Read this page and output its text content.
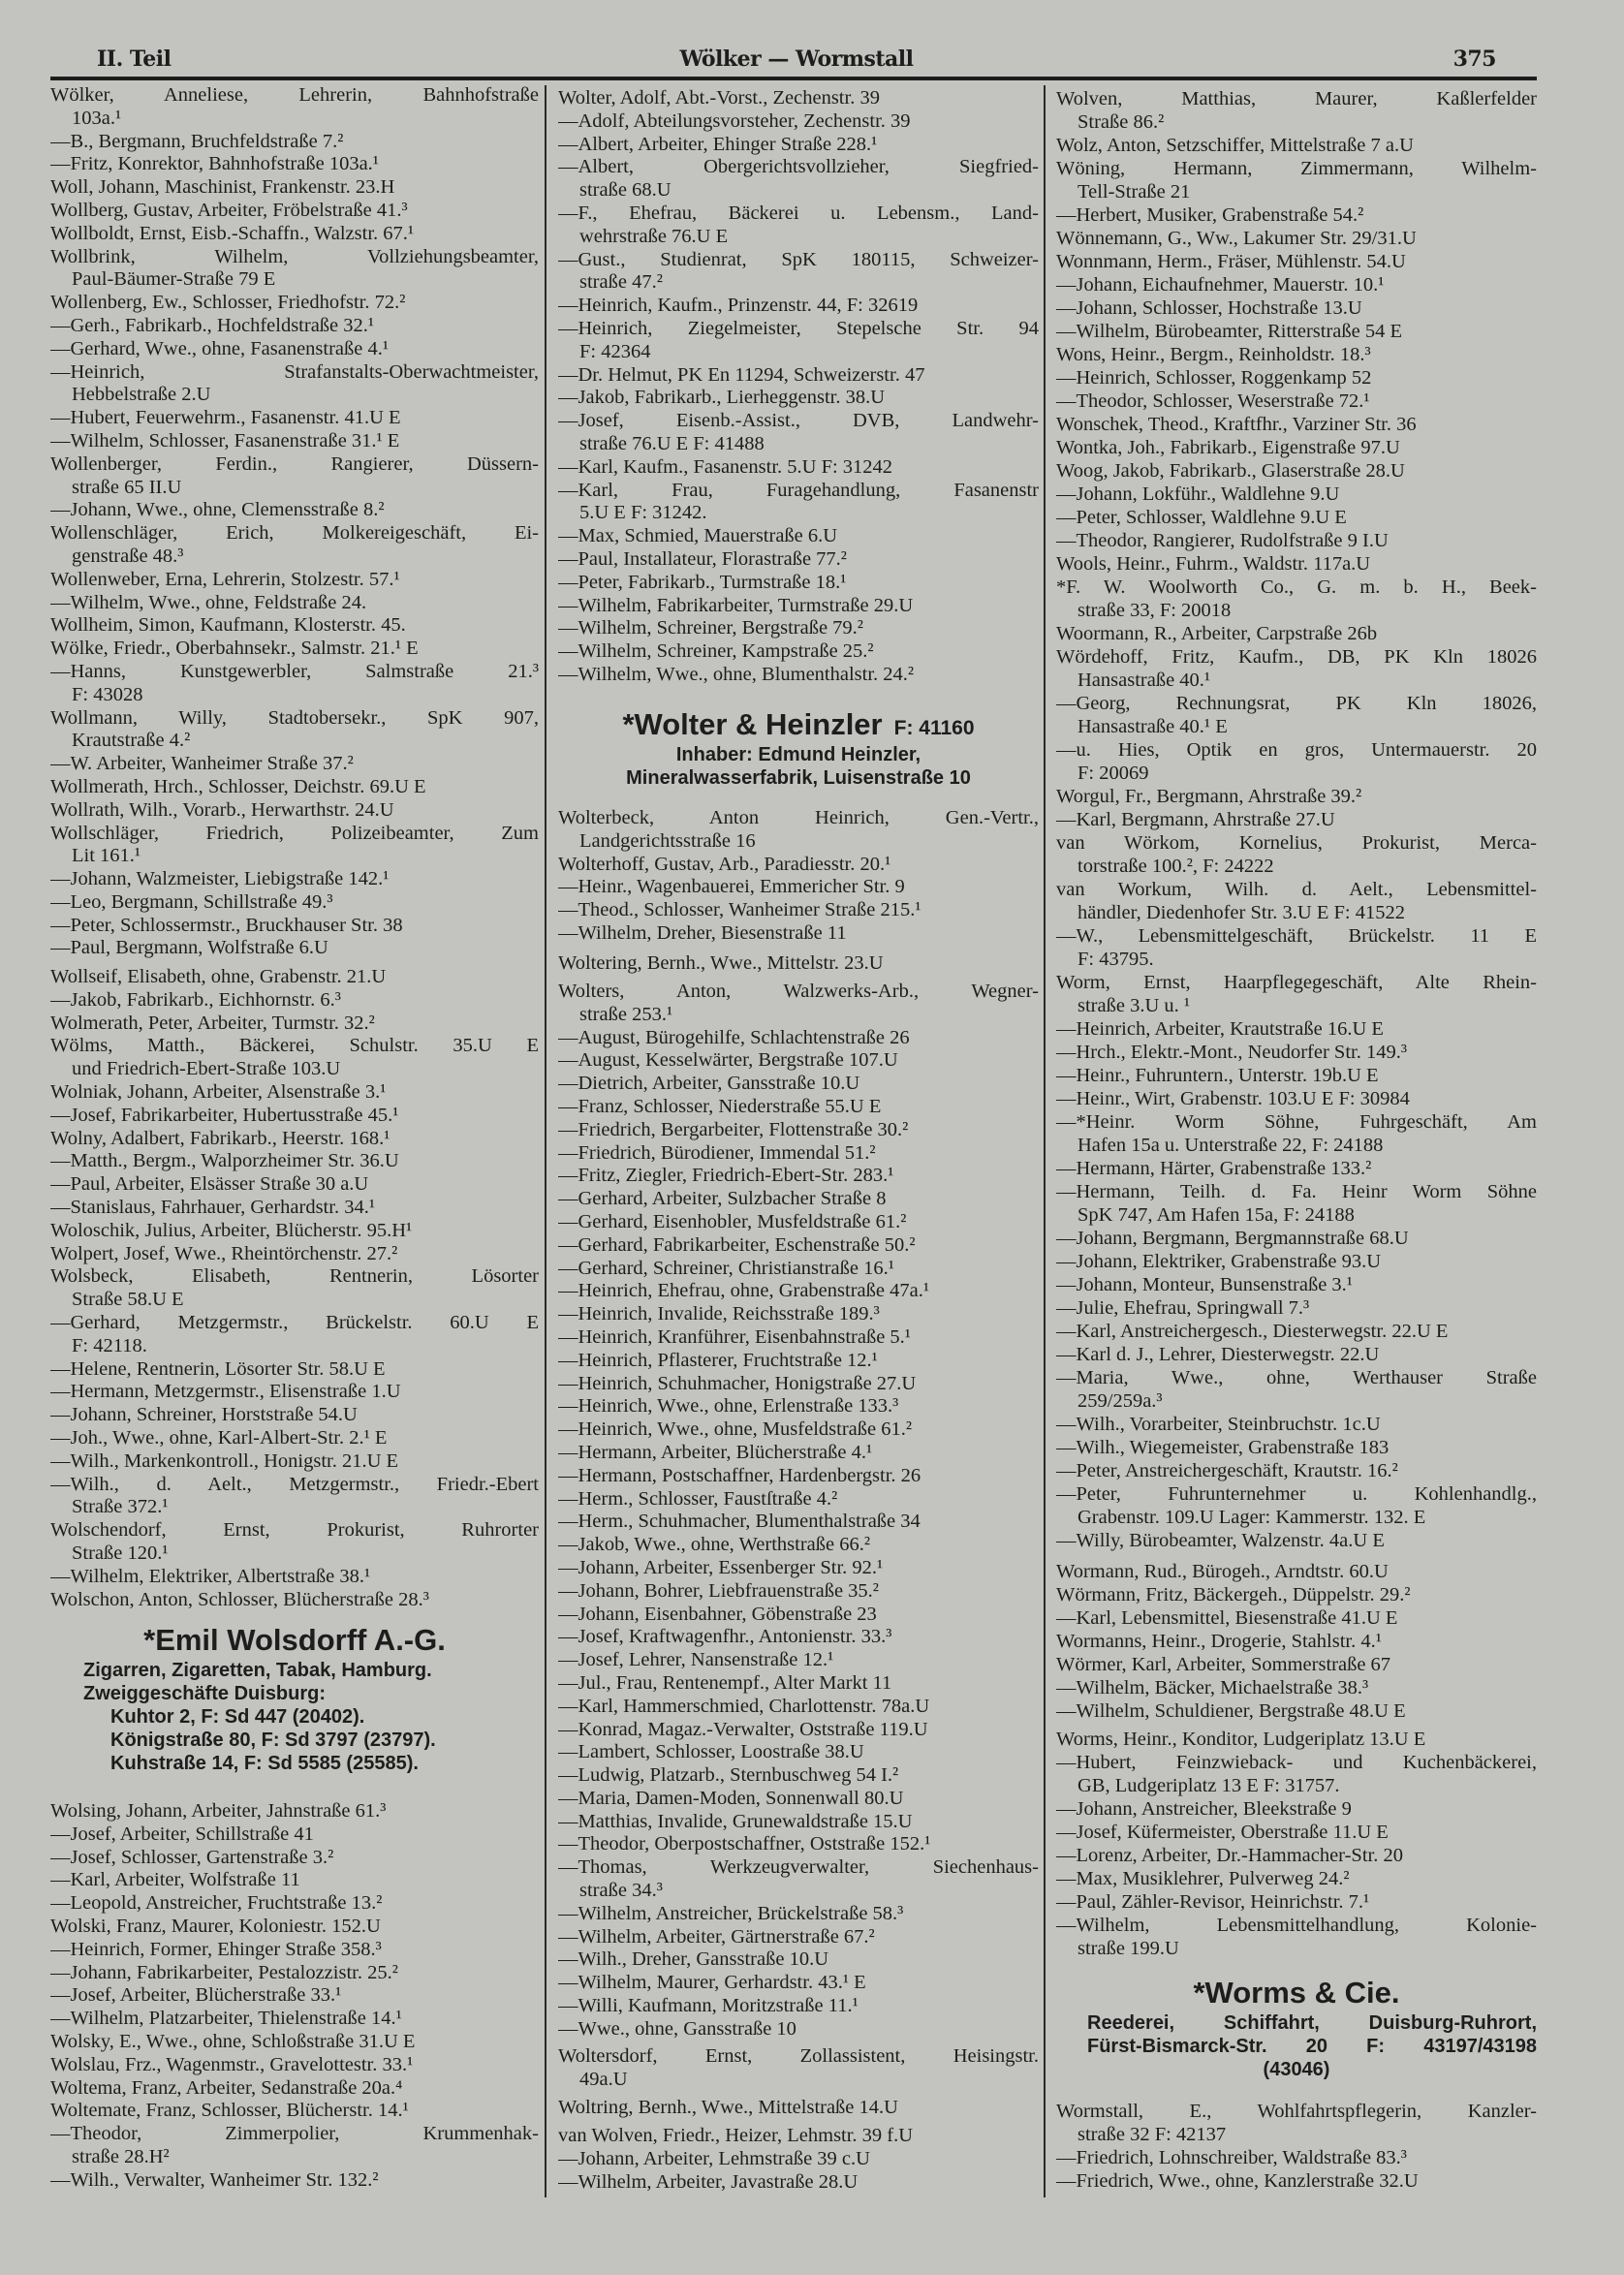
II. Teil	Wölker — Wormstall	375
Wölker, Anneliese, Lehrerin, Bahnhofstraße
103a.¹
—B., Bergmann, Bruchfeldstraße 7.²
—Fritz, Konrektor, Bahnhofstraße 103a.¹
Woll, Johann, Maschinist, Frankenstr. 23.H
Wollberg, Gustav, Arbeiter, Fröbelstraße 41.³
Wollboldt, Ernst, Eisb.-Schaffn., Walzstr. 67.¹
Wollbrink, Wilhelm, Vollziehungsbeamter,
Paul-Bäumer-Straße 79 E
Wollenberg, Ew., Schlosser, Friedhofstr. 72.²
—Gerh., Fabrikarb., Hochfeldstraße 32.¹
—Gerhard, Wwe., ohne, Fasanenstraße 4.¹
—Heinrich, Strafanstalts-Oberwachtmeister,
Hebbelstraße 2.U
—Hubert, Feuerwehrm., Fasanenstr. 41.U E
—Wilhelm, Schlosser, Fasanenstraße 31.¹ E
Wollenberger, Ferdin., Rangierer, Düssern-
straße 65 II.U
—Johann, Wwe., ohne, Clemensstraße 8.²
Wollenschläger, Erich, Molkereigeschäft, Ei-
genstraße 48.³
Wollenweber, Erna, Lehrerin, Stolzestr. 57.¹
—Wilhelm, Wwe., ohne, Feldstraße 24.
Wollheim, Simon, Kaufmann, Klosterstr. 45.
Wölke, Friedr., Oberbahnsekr., Salmstr. 21.¹ E
—Hanns, Kunstgewerbler, Salmstraße 21.³
F: 43028
Wollmann, Willy, Stadtobersekr., SpK 907,
Krautstraße 4.²
—W. Arbeiter, Wanheimer Straße 37.²
Wollmerath, Hrch., Schlosser, Deichstr. 69.U E
Wollrath, Wilh., Vorarb., Herwarthstr. 24.U
Wollschläger, Friedrich, Polizeibeamter, Zum
Lit 161.¹
—Johann, Walzmeister, Liebigstraße 142.¹
—Leo, Bergmann, Schillstraße 49.³
—Peter, Schlossermstr., Bruckhauser Str. 38
—Paul, Bergmann, Wolfstraße 6.U
Wollseif, Elisabeth, ohne, Grabenstr. 21.U
—Jakob, Fabrikarb., Eichhornstr. 6.³
Wolmerath, Peter, Arbeiter, Turmstr. 32.²
Wölms, Matth., Bäckerei, Schulstr. 35.U E
und Friedrich-Ebert-Straße 103.U
Wolniak, Johann, Arbeiter, Alsenstraße 3.¹
—Josef, Fabrikarbeiter, Hubertusstraße 45.¹
Wolny, Adalbert, Fabrikarb., Heerstr. 168.¹
—Matth., Bergm., Walporzheimer Str. 36.U
—Paul, Arbeiter, Elsässer Straße 30 a.U
—Stanislaus, Fahrhauer, Gerhardstr. 34.¹
Woloschik, Julius, Arbeiter, Blücherstr. 95.H¹
Wolpert, Josef, Wwe., Rheintörchenstr. 27.²
Wolsbeck, Elisabeth, Rentnerin, Lösorter
Straße 58.U E
—Gerhard, Metzgermstr., Brückelstr. 60.U E
F: 42118.
—Helene, Rentnerin, Lösorter Str. 58.U E
—Hermann, Metzgermstr., Elisenstraße 1.U
—Johann, Schreiner, Horststraße 54.U
—Joh., Wwe., ohne, Karl-Albert-Str. 2.¹ E
—Wilh., Markenkontroll., Honigstr. 21.U E
—Wilh., d. Aelt., Metzgermstr., Friedr.-Ebert
Straße 372.¹
Wolschendorf, Ernst, Prokurist, Ruhrorter
Straße 120.¹
—Wilhelm, Elektriker, Albertstraße 38.¹
Wolschon, Anton, Schlosser, Blücherstraße 28.³
*Emil Wolsdorff A.-G.
Zigarren, Zigaretten, Tabak, Hamburg.
Zweiggeschäfte Duisburg:
Kuhtor 2, F: Sd 447 (20402).
Königstraße 80, F: Sd 3797 (23797).
Kuhstraße 14, F: Sd 5585 (25585).
Wolsing, Johann, Arbeiter, Jahnstraße 61.³
—Josef, Arbeiter, Schillstraße 41
—Josef, Schlosser, Gartenstraße 3.²
—Karl, Arbeiter, Wolfstraße 11
—Leopold, Anstreicher, Fruchtstraße 13.²
Wolski, Franz, Maurer, Koloniestr. 152.U
—Heinrich, Former, Ehinger Straße 358.³
—Johann, Fabrikarbeiter, Pestalozzistr. 25.²
—Josef, Arbeiter, Blücherstraße 33.¹
—Wilhelm, Platzarbeiter, Thielenstraße 14.¹
Wolsky, E., Wwe., ohne, Schloßstraße 31.U E
Wolslau, Frz., Wagenmstr., Gravelottestr. 33.¹
Woltema, Franz, Arbeiter, Sedanstraße 20a.⁴
Woltemate, Franz, Schlosser, Blücherstr. 14.¹
—Theodor, Zimmerpolier, Krummenhak-
straße 28.H²
—Wilh., Verwalter, Wanheimer Str. 132.²
Wolter, Adolf, Abt.-Vorst., Zechenstr. 39
—Adolf, Abteilungsvorsteher, Zechenstr. 39
—Albert, Arbeiter, Ehinger Straße 228.¹
—Albert, Obergerichtsvollzieher, Siegfried-
straße 68.U
—F., Ehefrau, Bäckerei u. Lebensm., Land-
wehrstraße 76.U E
—Gust., Studienrat, SpK 180115, Schweizer-
straße 47.²
—Heinrich, Kaufm., Prinzenstr. 44, F: 32619
—Heinrich, Ziegelmeister, Stepelsche Str. 94
F: 42364
—Dr. Helmut, PK En 11294, Schweizerstr. 47
—Jakob, Fabrikarb., Lierheggenstr. 38.U
—Josef, Eisenb.-Assist., DVB, Landwehr-
straße 76.U E F: 41488
—Karl, Kaufm., Fasanenstr. 5.U F: 31242
—Karl, Frau, Furagehandlung, Fasanenstr
5.U E F: 31242.
—Max, Schmied, Mauerstraße 6.U
—Paul, Installateur, Florastraße 77.²
—Peter, Fabrikarb., Turmstraße 18.¹
—Wilhelm, Fabrikarbeiter, Turmstraße 29.U
—Wilhelm, Schreiner, Bergstraße 79.²
—Wilhelm, Schreiner, Kampstraße 25.²
—Wilhelm, Wwe., ohne, Blumenthalstr. 24.²
*Wolter & Heinzler F: 41160
Inhaber: Edmund Heinzler,
Mineralwasserfabrik, Luisenstraße 10
Wolterbeck, Anton Heinrich, Gen.-Vertr.,
Landgerichtsstraße 16
Wolterhoff, Gustav, Arb., Paradiesstr. 20.¹
—Heinr., Wagenbauerei, Emmericher Str. 9
—Theod., Schlosser, Wanheimer Straße 215.¹
—Wilhelm, Dreher, Biesenstraße 11
Woltering, Bernh., Wwe., Mittelstr. 23.U
Wolters, Anton, Walzwerks-Arb., Wegner-
straße 253.¹
—August, Bürogehilfe, Schlachtenstraße 26
—August, Kesselwärter, Bergstraße 107.U
—Dietrich, Arbeiter, Gansstraße 10.U
—Franz, Schlosser, Niederstraße 55.U E
—Friedrich, Bergarbeiter, Flottenstraße 30.²
—Friedrich, Bürodiener, Immendal 51.²
—Fritz, Ziegler, Friedrich-Ebert-Str. 283.¹
—Gerhard, Arbeiter, Sulzbacher Straße 8
—Gerhard, Eisenhobler, Musfeldstraße 61.²
—Gerhard, Fabrikarbeiter, Eschenstraße 50.²
—Gerhard, Schreiner, Christianstraße 16.¹
—Heinrich, Ehefrau, ohne, Grabenstraße 47a.¹
—Heinrich, Invalide, Reichsstraße 189.³
—Heinrich, Kranführer, Eisenbahnstraße 5.¹
—Heinrich, Pflasterer, Fruchtstraße 12.¹
—Heinrich, Schuhmacher, Honigstraße 27.U
—Heinrich, Wwe., ohne, Erlenstraße 133.³
—Heinrich, Wwe., ohne, Musfeldstraße 61.²
—Hermann, Arbeiter, Blücherstraße 4.¹
—Hermann, Postschaffner, Hardenbergstr. 26
—Herm., Schlosser, Faustſtraße 4.²
—Herm., Schuhmacher, Blumenthalstraße 34
—Jakob, Wwe., ohne, Werthstraße 66.²
—Johann, Arbeiter, Essenberger Str. 92.¹
—Johann, Bohrer, Liebfrauenstraße 35.²
—Johann, Eisenbahner, Göbenstraße 23
—Josef, Kraftwagenfhr., Antonienstr. 33.³
—Josef, Lehrer, Nansenstraße 12.¹
—Jul., Frau, Rentenempf., Alter Markt 11
—Karl, Hammerschmied, Charlottenstr. 78a.U
—Konrad, Magaz.-Verwalter, Oststraße 119.U
—Lambert, Schlosser, Loostraße 38.U
—Ludwig, Platzarb., Sternbuschweg 54 I.²
—Maria, Damen-Moden, Sonnenwall 80.U
—Matthias, Invalide, Grunewaldstraße 15.U
—Theodor, Oberpostschaffner, Oststraße 152.¹
—Thomas, Werkzeugverwalter, Siechenhaus-
straße 34.³
—Wilhelm, Anstreicher, Brückelstraße 58.³
—Wilhelm, Arbeiter, Gärtnerstraße 67.²
—Wilh., Dreher, Gansstraße 10.U
—Wilhelm, Maurer, Gerhardstr. 43.¹ E
—Willi, Kaufmann, Moritzstraße 11.¹
—Wwe., ohne, Gansstraße 10
Woltersdorf, Ernst, Zollassistent, Heisingstr.
49a.U
Woltring, Bernh., Wwe., Mittelstraße 14.U
van Wolven, Friedr., Heizer, Lehmstr. 39 f.U
—Johann, Arbeiter, Lehmstraße 39 c.U
—Wilhelm, Arbeiter, Javastraße 28.U
Wolven, Matthias, Maurer, Kaßlerfelder
Straße 86.²
Wolz, Anton, Setzschiffer, Mittelstraße 7 a.U
Wöning, Hermann, Zimmermann, Wilhelm-
Tell-Straße 21
—Herbert, Musiker, Grabenstraße 54.²
Wönnemann, G., Ww., Lakumer Str. 29/31.U
Wonnmann, Herm., Fräser, Mühlenstr. 54.U
—Johann, Eichaufnehmer, Mauerstr. 10.¹
—Johann, Schlosser, Hochstraße 13.U
—Wilhelm, Bürobeamter, Ritterstraße 54 E
Wons, Heinr., Bergm., Reinholdstr. 18.³
—Heinrich, Schlosser, Roggenkamp 52
—Theodor, Schlosser, Weserstraße 72.¹
Wonschek, Theod., Kraftfhr., Varziner Str. 36
Wontka, Joh., Fabrikarb., Eigenstraße 97.U
Woog, Jakob, Fabrikarb., Glaserstraße 28.U
—Johann, Lokführ., Waldlehne 9.U
—Peter, Schlosser, Waldlehne 9.U E
—Theodor, Rangierer, Rudolfstraße 9 I.U
Wools, Heinr., Fuhrm., Waldstr. 117a.U
*F. W. Woolworth Co., G. m. b. H., Beek-
straße 33, F: 20018
Woormann, R., Arbeiter, Carpstraße 26b
Wördehoff, Fritz, Kaufm., DB, PK Kln 18026
Hansastraße 40.¹
—Georg, Rechnungsrat, PK Kln 18026,
Hansastraße 40.¹ E
—u. Hies, Optik en gros, Untermauerstr. 20
F: 20069
Worgul, Fr., Bergmann, Ahrstraße 39.²
—Karl, Bergmann, Ahrstraße 27.U
van Wörkom, Kornelius, Prokurist, Merca-
torstraße 100.², F: 24222
van Workum, Wilh. d. Aelt., Lebensmittel-
händler, Diedenhofer Str. 3.U E F: 41522
—W., Lebensmittelgeschäft, Brückelstr. 11 E
F: 43795.
Worm, Ernst, Haarpflegegeschäft, Alte Rhein-
straße 3.U u. ¹
—Heinrich, Arbeiter, Krautstraße 16.U E
—Hrch., Elektr.-Mont., Neudorfer Str. 149.³
—Heinr., Fuhruntern., Unterstr. 19b.U E
—Heinr., Wirt, Grabenstr. 103.U E F: 30984
—*Heinr. Worm Söhne, Fuhrgeschäft, Am
Hafen 15a u. Unterstraße 22, F: 24188
—Hermann, Härter, Grabenstraße 133.²
—Hermann, Teilh. d. Fa. Heinr Worm Söhne
SpK 747, Am Hafen 15a, F: 24188
—Johann, Bergmann, Bergmannstraße 68.U
—Johann, Elektriker, Grabenstraße 93.U
—Johann, Monteur, Bunsenstraße 3.¹
—Julie, Ehefrau, Springwall 7.³
—Karl, Anstreichergesch., Diesterwegstr. 22.U E
—Karl d. J., Lehrer, Diesterwegstr. 22.U
—Maria, Wwe., ohne, Werthauser Straße
259/259a.³
—Wilh., Vorarbeiter, Steinbruchstr. 1c.U
—Wilh., Wiegemeister, Grabenstraße 183
—Peter, Anstreichergeschäft, Krautstr. 16.²
—Peter, Fuhrunternehmer u. Kohlenhandlg.,
Grabenstr. 109.U Lager: Kammerstr. 132. E
—Willy, Bürobeamter, Walzenstr. 4a.U E
Wormann, Rud., Bürogeh., Arndtstr. 60.U
Wörmann, Fritz, Bäckergeh., Düppelstr. 29.²
—Karl, Lebensmittel, Biesenstraße 41.U E
Wormanns, Heinr., Drogerie, Stahlstr. 4.¹
Wörmer, Karl, Arbeiter, Sommerstraße 67
—Wilhelm, Bäcker, Michaelstraße 38.³
—Wilhelm, Schuldiener, Bergstraße 48.U E
Worms, Heinr., Konditor, Ludgeriplatz 13.U E
—Hubert, Feinzwieback- und Kuchenbäckerei,
GB, Ludgeriplatz 13 E F: 31757.
—Johann, Anstreicher, Bleekstraße 9
—Josef, Küfermeister, Oberstraße 11.U E
—Lorenz, Arbeiter, Dr.-Hammacher-Str. 20
—Max, Musiklehrer, Pulverweg 24.²
—Paul, Zähler-Revisor, Heinrichstr. 7.¹
—Wilhelm, Lebensmittelhandlung, Kolonie-
straße 199.U
*Worms & Cie.
Reederei, Schiffahrt, Duisburg-Ruhrort,
Fürst-Bismarck-Str. 20 F: 43197/43198
(43046)
Wormstall, E., Wohlfahrtspflegerin, Kanzler-
straße 32 F: 42137
—Friedrich, Lohnschreiber, Waldstraße 83.³
—Friedrich, Wwe., ohne, Kanzlerstraße 32.U
